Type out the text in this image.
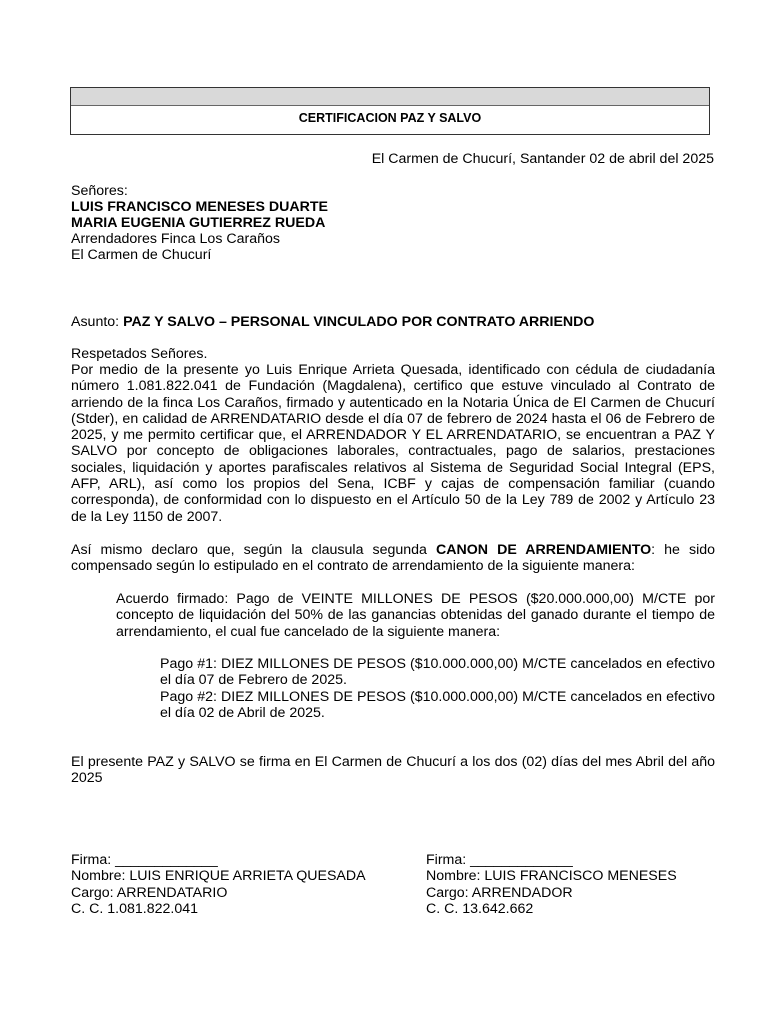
CERTIFICACION PAZ Y SALVO
El Carmen de Chucurí, Santander 02 de abril del 2025
Señores:
LUIS FRANCISCO MENESES DUARTE
MARIA EUGENIA GUTIERREZ RUEDA
Arrendadores Finca Los Caraños
El Carmen de Chucurí
Asunto: PAZ Y SALVO – PERSONAL VINCULADO POR CONTRATO ARRIENDO
Respetados Señores.
Por medio de la presente yo Luis Enrique Arrieta Quesada, identificado con cédula de ciudadanía número 1.081.822.041 de Fundación (Magdalena), certifico que estuve vinculado al Contrato de arriendo de la finca Los Caraños, firmado y autenticado en la Notaria Única de El Carmen de Chucurí (Stder), en calidad de ARRENDATARIO desde el día 07 de febrero de 2024 hasta el 06 de Febrero de 2025, y me permito certificar que, el ARRENDADOR Y EL ARRENDATARIO, se encuentran a PAZ Y SALVO por concepto de obligaciones laborales, contractuales, pago de salarios, prestaciones sociales, liquidación y aportes parafiscales relativos al Sistema de Seguridad Social Integral (EPS, AFP, ARL), así como los propios del Sena, ICBF y cajas de compensación familiar (cuando corresponda), de conformidad con lo dispuesto en el Artículo 50 de la Ley 789 de 2002 y Artículo 23 de la Ley 1150 de 2007.
Así mismo declaro que, según la clausula segunda CANON DE ARRENDAMIENTO: he sido compensado según lo estipulado en el contrato de arrendamiento de la siguiente manera:
Acuerdo firmado: Pago de VEINTE MILLONES DE PESOS ($20.000.000,00) M/CTE por concepto de liquidación del 50% de las ganancias obtenidas del ganado durante el tiempo de arrendamiento, el cual fue cancelado de la siguiente manera:
Pago #1: DIEZ MILLONES DE PESOS ($10.000.000,00) M/CTE cancelados en efectivo el día 07 de Febrero de 2025.
Pago #2: DIEZ MILLONES DE PESOS ($10.000.000,00) M/CTE cancelados en efectivo el día 02 de Abril de 2025.
El presente PAZ y SALVO se firma en El Carmen de Chucurí a los dos (02) días del mes Abril del año 2025
Firma: _____________
Nombre: LUIS ENRIQUE ARRIETA QUESADA
Cargo: ARRENDATARIO
C. C. 1.081.822.041
Firma: _____________
Nombre: LUIS FRANCISCO MENESES
Cargo: ARRENDADOR
C. C. 13.642.662
